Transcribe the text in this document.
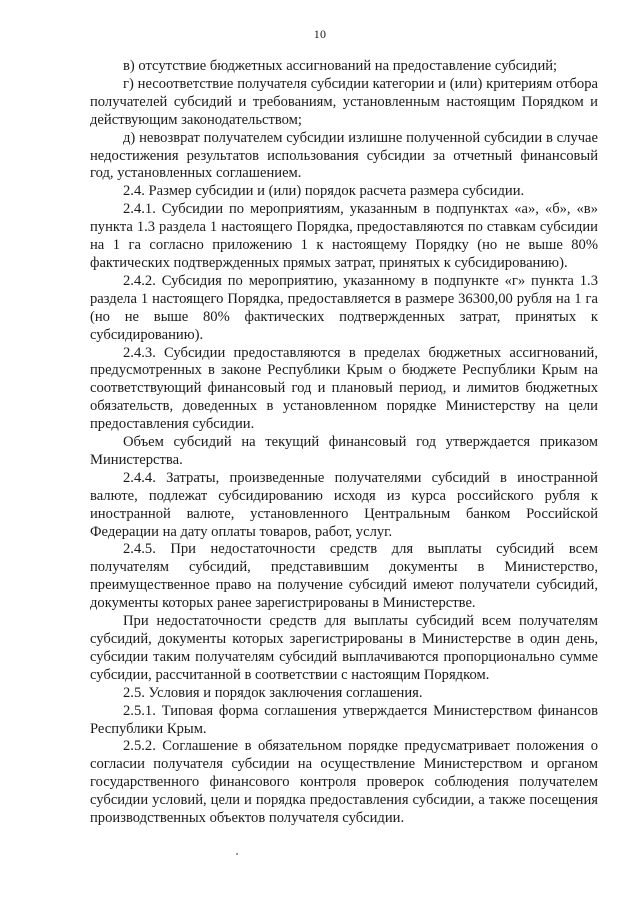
10

в) отсутствие бюджетных ассигнований на предоставление субсидий;

г) несоответствие получателя субсидии категории и (или) критериям отбора получателей субсидий и требованиям, установленным настоящим Порядком и действующим законодательством;

д) невозврат получателем субсидии излишне полученной субсидии в случае недостижения результатов использования субсидии за отчетный финансовый год, установленных соглашением.

2.4. Размер субсидии и (или) порядок расчета размера субсидии.

2.4.1. Субсидии по мероприятиям, указанным в подпунктах «а», «б», «в» пункта 1.3 раздела 1 настоящего Порядка, предоставляются по ставкам субсидии на 1 га согласно приложению 1 к настоящему Порядку (но не выше 80% фактических подтвержденных прямых затрат, принятых к субсидированию).

2.4.2. Субсидия по мероприятию, указанному в подпункте «г» пункта 1.3 раздела 1 настоящего Порядка, предоставляется в размере 36300,00 рубля на 1 га (но не выше 80% фактических подтвержденных затрат, принятых к субсидированию).

2.4.3. Субсидии предоставляются в пределах бюджетных ассигнований, предусмотренных в законе Республики Крым о бюджете Республики Крым на соответствующий финансовый год и плановый период, и лимитов бюджетных обязательств, доведенных в установленном порядке Министерству на цели предоставления субсидии.

Объем субсидий на текущий финансовый год утверждается приказом Министерства.

2.4.4. Затраты, произведенные получателями субсидий в иностранной валюте, подлежат субсидированию исходя из курса российского рубля к иностранной валюте, установленного Центральным банком Российской Федерации на дату оплаты товаров, работ, услуг.

2.4.5. При недостаточности средств для выплаты субсидий всем получателям субсидий, представившим документы в Министерство, преимущественное право на получение субсидий имеют получатели субсидий, документы которых ранее зарегистрированы в Министерстве.

При недостаточности средств для выплаты субсидий всем получателям субсидий, документы которых зарегистрированы в Министерстве в один день, субсидии таким получателям субсидий выплачиваются пропорционально сумме субсидии, рассчитанной в соответствии с настоящим Порядком.

2.5. Условия и порядок заключения соглашения.

2.5.1. Типовая форма соглашения утверждается Министерством финансов Республики Крым.

2.5.2. Соглашение в обязательном порядке предусматривает положения о согласии получателя субсидии на осуществление Министерством и органом государственного финансового контроля проверок соблюдения получателем субсидии условий, цели и порядка предоставления субсидии, а также посещения производственных объектов получателя субсидии.
